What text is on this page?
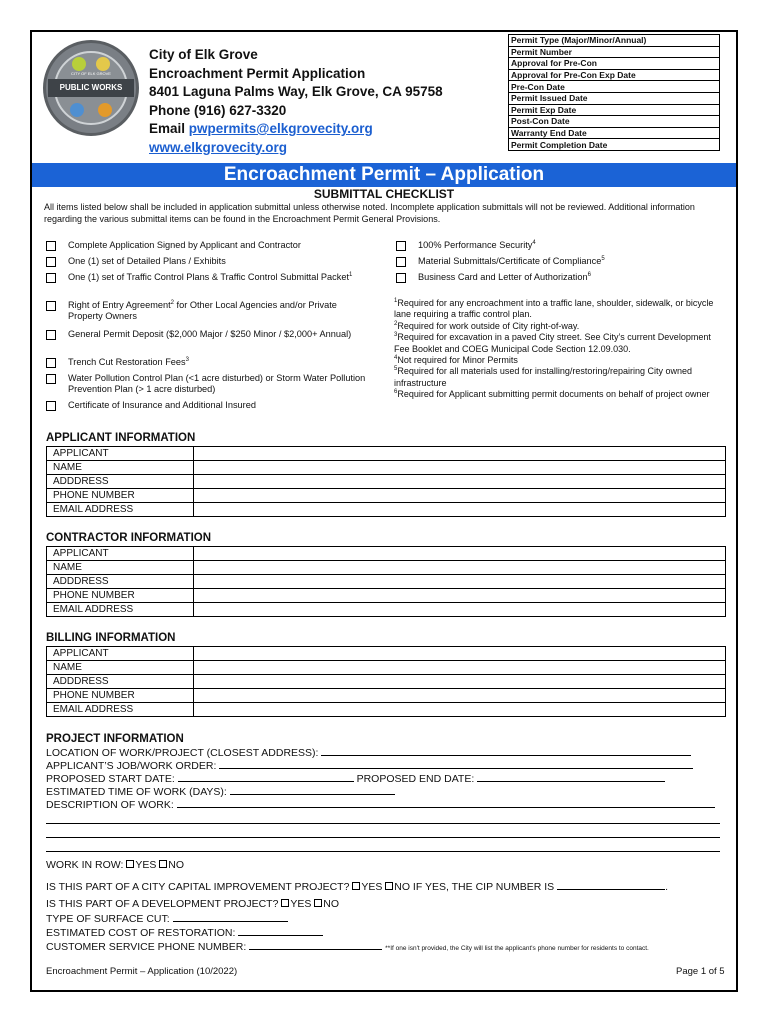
CITY OF ELK GROVE
PUBLIC WORKS
City of Elk Grove
Encroachment Permit Application
8401 Laguna Palms Way, Elk Grove, CA 95758
Phone (916) 627-3320
Email pwpermits@elkgrovecity.org
www.elkgrovecity.org
Permit Type (Major/Minor/Annual)
Permit Number
Approval for Pre-Con
Approval for Pre-Con Exp Date
Pre-Con Date
Permit Issued Date
Permit Exp Date
Post-Con Date
Warranty End Date
Permit Completion Date
Encroachment Permit – Application
SUBMITTAL CHECKLIST
All items listed below shall be included in application submittal unless otherwise noted. Incomplete application submittals will not be reviewed. Additional information regarding the various submittal items can be found in the Encroachment Permit General Provisions.
Complete Application Signed by Applicant and Contractor
One (1) set of Detailed Plans / Exhibits
One (1) set of Traffic Control Plans & Traffic Control Submittal Packet$^1$
Right of Entry Agreement$^2$ for Other Local Agencies and/or Private Property Owners
General Permit Deposit ($2,000 Major / $250 Minor / $2,000+ Annual)
Trench Cut Restoration Fees$^3$
Water Pollution Control Plan (<1 acre disturbed) or Storm Water Pollution Prevention Plan (> 1 acre disturbed)
Certificate of Insurance and Additional Insured
100% Performance Security$^4$
Material Submittals/Certificate of Compliance$^5$
Business Card and Letter of Authorization$^6$
$^1$Required for any encroachment into a traffic lane, shoulder, sidewalk, or bicycle lane requiring a traffic control plan.
$^2$Required for work outside of City right-of-way.
$^3$Required for excavation in a paved City street. See City’s current Development Fee Booklet and COEG Municipal Code Section 12.09.030.
$^4$Not required for Minor Permits
$^5$Required for all materials used for installing/restoring/repairing City owned infrastructure
$^6$Required for Applicant submitting permit documents on behalf of project owner
APPLICANT INFORMATION
APPLICANT	
NAME	
ADDDRESS	
PHONE NUMBER	
EMAIL ADDRESS	
CONTRACTOR INFORMATION
APPLICANT	
NAME	
ADDDRESS	
PHONE NUMBER	
EMAIL ADDRESS	
BILLING INFORMATION
APPLICANT	
NAME	
ADDDRESS	
PHONE NUMBER	
EMAIL ADDRESS	
PROJECT INFORMATION
LOCATION OF WORK/PROJECT (CLOSEST ADDRESS):
APPLICANT’S JOB/WORK ORDER:
PROPOSED START DATE:	PROPOSED END DATE:
ESTIMATED TIME OF WORK (DAYS):
DESCRIPTION OF WORK:
WORK IN ROW: YES NO
IS THIS PART OF A CITY CAPITAL IMPROVEMENT PROJECT? YES NO IF YES, THE CIP NUMBER IS	.
IS THIS PART OF A DEVELOPMENT PROJECT? YES NO
TYPE OF SURFACE CUT:
ESTIMATED COST OF RESTORATION:
CUSTOMER SERVICE PHONE NUMBER:	**If one isn't provided, the City will list the applicant's phone number for residents to contact.
Encroachment Permit – Application (10/2022)	Page 1 of 5
